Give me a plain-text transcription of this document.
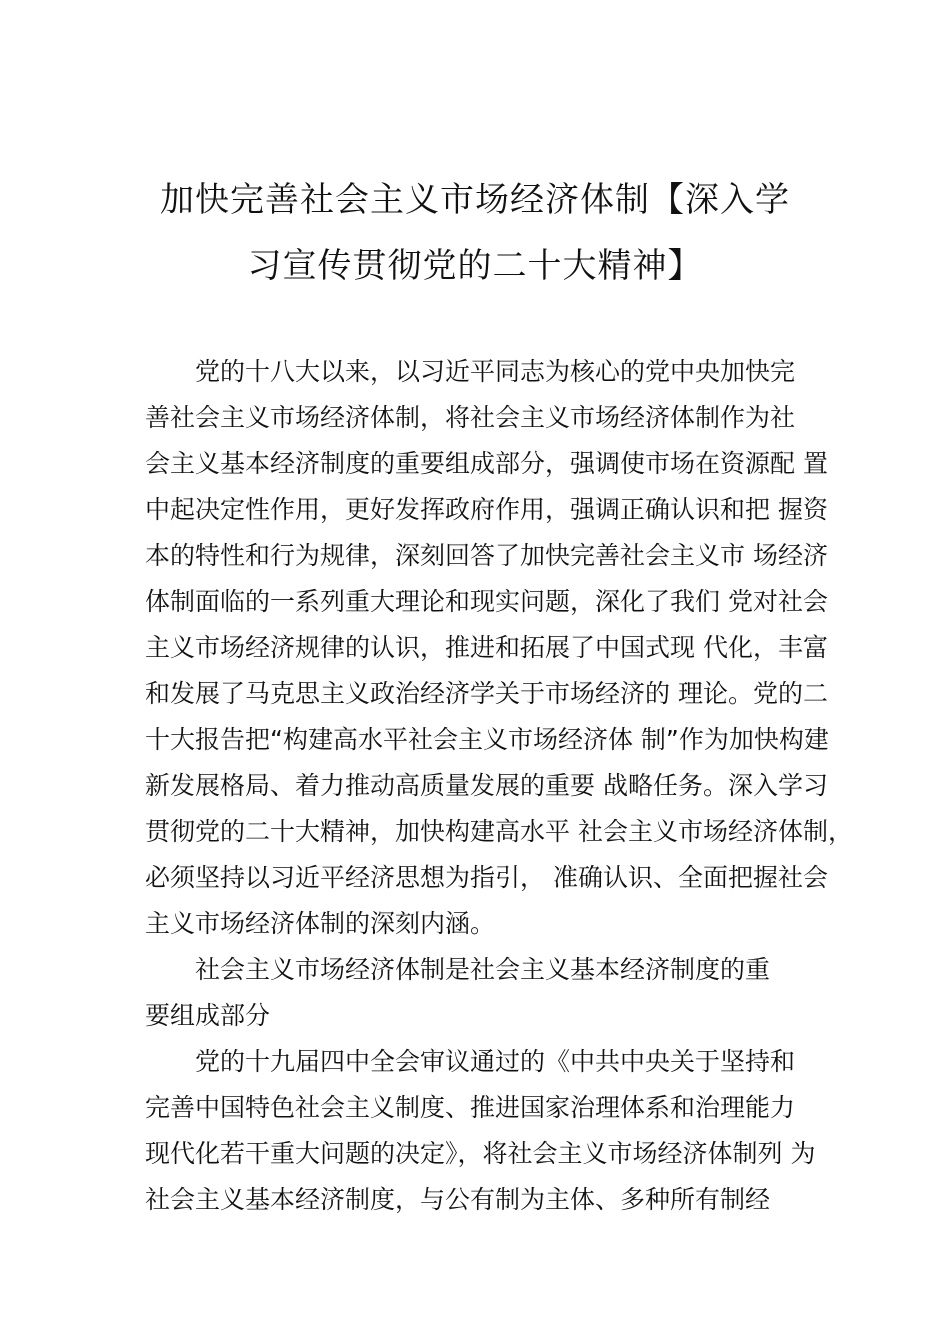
加快完善社会主义市场经济体制【深入学
习宣传贯彻党的二十大精神】

党的十八大以来，以习近平同志为核心的党中央加快完

善社会主义市场经济体制，将社会主义市场经济体制作为社

会主义基本经济制度的重要组成部分，强调使市场在资源配 置

中起决定性作用，更好发挥政府作用，强调正确认识和把 握资

本的特性和行为规律，深刻回答了加快完善社会主义市 场经济

体制面临的一系列重大理论和现实问题，深化了我们 党对社会

主义市场经济规律的认识，推进和拓展了中国式现 代化，丰富

和发展了马克思主义政治经济学关于市场经济的 理论。党的二

十大报告把“构建高水平社会主义市场经济体 制”作为加快构建

新发展格局、着力推动高质量发展的重要 战略任务。深入学习

贯彻党的二十大精神，加快构建高水平 社会主义市场经济体制，

必须坚持以习近平经济思想为指引， 准确认识、全面把握社会

主义市场经济体制的深刻内涵。

社会主义市场经济体制是社会主义基本经济制度的重

要组成部分

党的十九届四中全会审议通过的《中共中央关于坚持和

完善中国特色社会主义制度、推进国家治理体系和治理能力

现代化若干重大问题的决定》，将社会主义市场经济体制列 为

社会主义基本经济制度，与公有制为主体、多种所有制经
